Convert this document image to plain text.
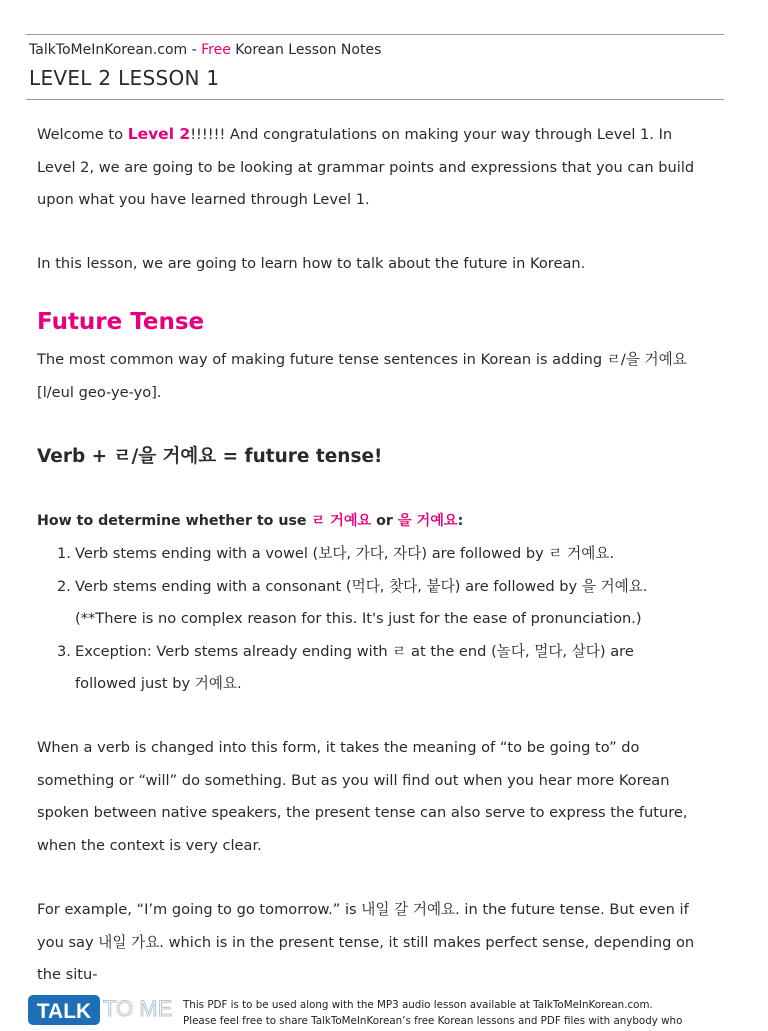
TalkToMeInKorean.com - Free Korean Lesson Notes
LEVEL 2 LESSON 1
Welcome to Level 2!!!!!! And congratulations on making your way through Level 1. In Level 2, we are going to be looking at grammar points and expressions that you can build upon what you have learned through Level 1.
In this lesson, we are going to learn how to talk about the future in Korean.
Future Tense
The most common way of making future tense sentences in Korean is adding ㄹ/을 거예요 [l/eul geo-ye-yo].
Verb + ㄹ/을 거예요 = future tense!
How to determine whether to use ㄹ 거예요 or 을 거예요:
1. Verb stems ending with a vowel (보다, 가다, 자다) are followed by ㄹ 거예요.
2. Verb stems ending with a consonant (먹다, 찾다, 붙다) are followed by 을 거예요.
(**There is no complex reason for this. It's just for the ease of pronunciation.)
3. Exception: Verb stems already ending with ㄹ at the end (놀다, 멀다, 살다) are
followed just by 거예요.
When a verb is changed into this form, it takes the meaning of “to be going to” do something or “will” do something. But as you will find out when you hear more Korean spoken between native speakers, the present tense can also serve to express the future, when the context is very clear.
For example, “I’m going to go tomorrow.” is 내일 갈 거예요. in the future tense. But even if you say 내일 가요. which is in the present tense, it still makes perfect sense, depending on the situ-
TALK TO ME This PDF is to be used along with the MP3 audio lesson available at TalkToMeInKorean.com.
Please feel free to share TalkToMeInKorean’s free Korean lessons and PDF files with anybody who
